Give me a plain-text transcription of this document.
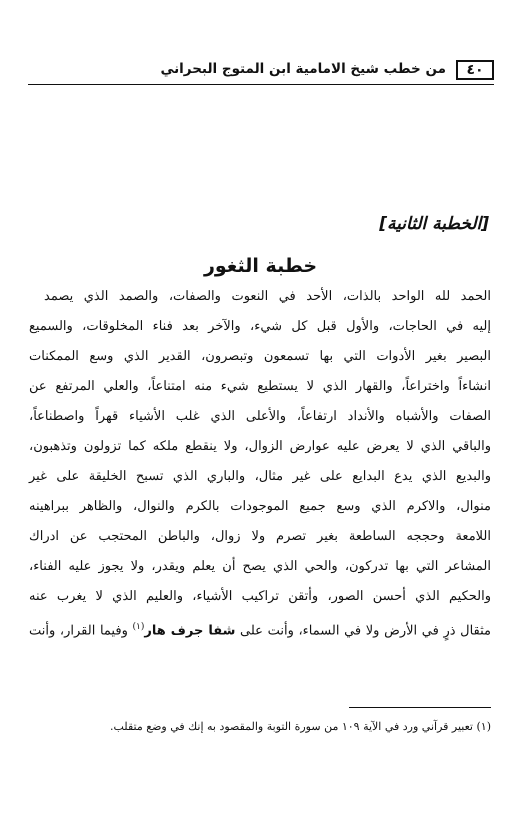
٤٠
من خطب شيخ الامامية ابن المتوج البحراني
[الخطبة الثانية]
خطبة الثغور
الحمد لله الواحد بالذات، الأحد في النعوت والصفات، والصمد الذي يصمد
إليه في الحاجات، والأول قبل كل شيء، والآخر بعد فناء المخلوقات، والسميع
البصير بغير الأدوات التي بها تسمعون وتبصرون، القدير الذي وسع الممكنات
انشاءاً واختراعاً، والقهار الذي لا يستطيع شيء منه امتناعاً، والعلي المرتفع عن
الصفات والأشباه والأنداد ارتفاعاً، والأعلى الذي غلب الأشياء قهراً واصطناعاً،
والباقي الذي لا يعرض عليه عوارض الزوال، ولا ينقطع ملكه كما تزولون وتذهبون،
والبديع الذي يدع البدايع على غير مثال، والباري الذي تسبح الخليقة على غير
منوال، والاكرم الذي وسع جميع الموجودات بالكرم والنوال، والظاهر ببراهينه
اللامعة وحججه الساطعة بغير تصرم ولا زوال، والباطن المحتجب عن ادراك
المشاعر التي بها تدركون، والحي الذي يصح أن يعلم ويقدر، ولا يجوز عليه الفناء،
والحكيم الذي أحسن الصور، وأتقن تراكيب الأشياء، والعليم الذي لا يغرب عنه
مثقال ذرٍ في الأرض ولا في السماء، وأنت على شفا جرف هار$^{(١)}$ وفيما القرار، وأنت
(١) تعبير قرآني ورد في الآية ١٠٩ من سورة التوبة والمقصود به إنك في وضع متقلب.
